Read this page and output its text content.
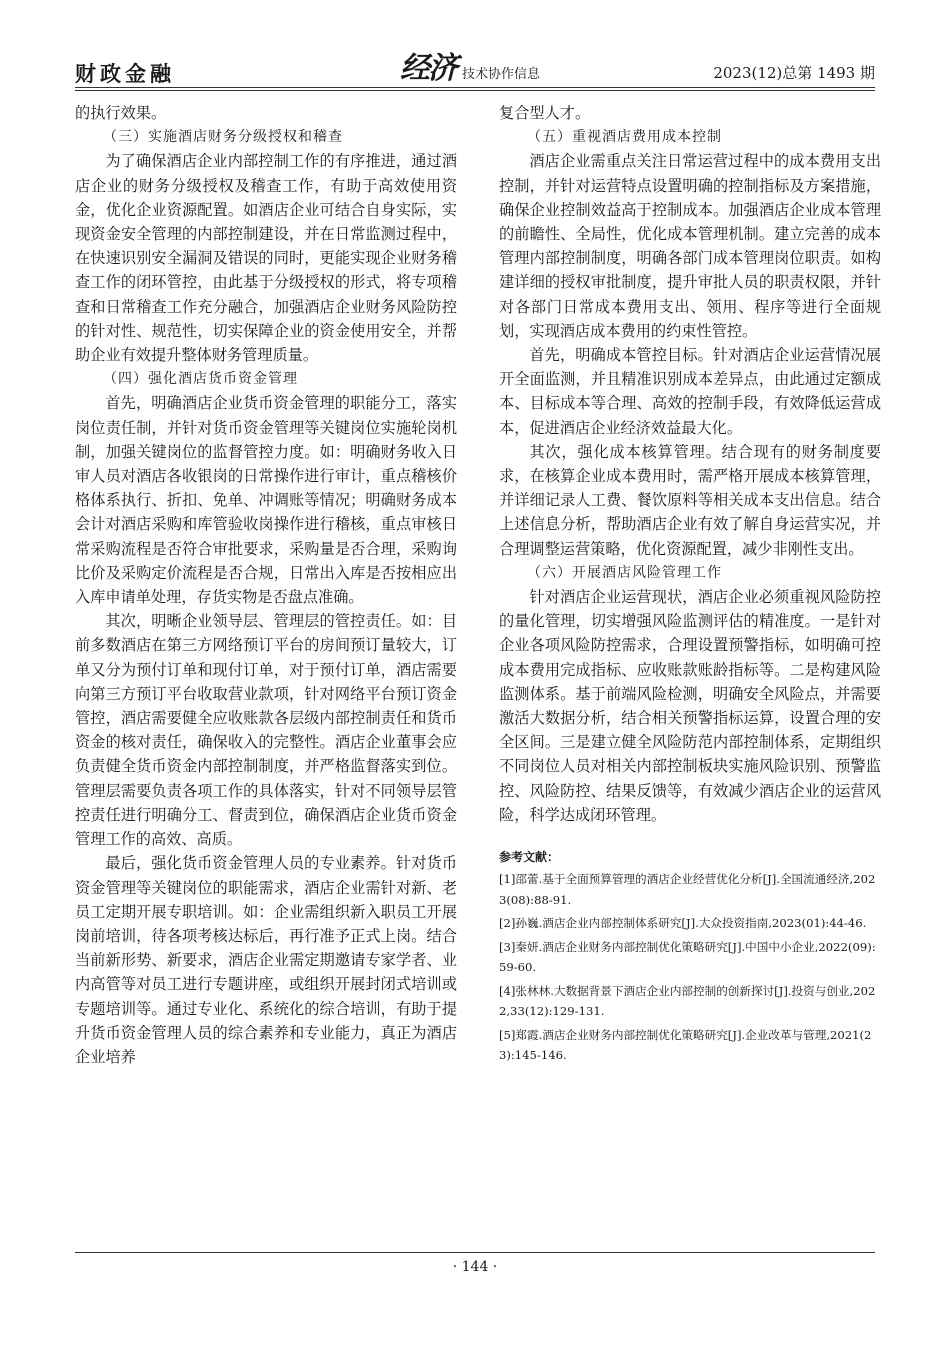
财政金融	经济 技术协作信息	2023(12)总第 1493 期

的执行效果。

（三）实施酒店财务分级授权和稽查

为了确保酒店企业内部控制工作的有序推进，通过酒店企业的财务分级授权及稽查工作，有助于高效使用资金，优化企业资源配置。如酒店企业可结合自身实际，实现资金安全管理的内部控制建设，并在日常监测过程中，在快速识别安全漏洞及错误的同时，更能实现企业财务稽查工作的闭环管控，由此基于分级授权的形式，将专项稽查和日常稽查工作充分融合，加强酒店企业财务风险防控的针对性、规范性，切实保障企业的资金使用安全，并帮助企业有效提升整体财务管理质量。

（四）强化酒店货币资金管理

首先，明确酒店企业货币资金管理的职能分工，落实岗位责任制，并针对货币资金管理等关键岗位实施轮岗机制，加强关键岗位的监督管控力度。如：明确财务收入日审人员对酒店各收银岗的日常操作进行审计，重点稽核价格体系执行、折扣、免单、冲调账等情况；明确财务成本会计对酒店采购和库管验收岗操作进行稽核，重点审核日常采购流程是否符合审批要求，采购量是否合理，采购询比价及采购定价流程是否合规，日常出入库是否按相应出入库申请单处理，存货实物是否盘点准确。

其次，明晰企业领导层、管理层的管控责任。如：目前多数酒店在第三方网络预订平台的房间预订量较大，订单又分为预付订单和现付订单，对于预付订单，酒店需要向第三方预订平台收取营业款项，针对网络平台预订资金管控，酒店需要健全应收账款各层级内部控制责任和货币资金的核对责任，确保收入的完整性。酒店企业董事会应负责健全货币资金内部控制制度，并严格监督落实到位。管理层需要负责各项工作的具体落实，针对不同领导层管控责任进行明确分工、督责到位，确保酒店企业货币资金管理工作的高效、高质。

最后，强化货币资金管理人员的专业素养。针对货币资金管理等关键岗位的职能需求，酒店企业需针对新、老员工定期开展专职培训。如：企业需组织新入职员工开展岗前培训，待各项考核达标后，再行准予正式上岗。结合当前新形势、新要求，酒店企业需定期邀请专家学者、业内高管等对员工进行专题讲座，或组织开展封闭式培训或专题培训等。通过专业化、系统化的综合培训，有助于提升货币资金管理人员的综合素养和专业能力，真正为酒店企业培养

复合型人才。

（五）重视酒店费用成本控制

酒店企业需重点关注日常运营过程中的成本费用支出控制，并针对运营特点设置明确的控制指标及方案措施，确保企业控制效益高于控制成本。加强酒店企业成本管理的前瞻性、全局性，优化成本管理机制。建立完善的成本管理内部控制制度，明确各部门成本管理岗位职责。如构建详细的授权审批制度，提升审批人员的职责权限，并针对各部门日常成本费用支出、领用、程序等进行全面规划，实现酒店成本费用的约束性管控。

首先，明确成本管控目标。针对酒店企业运营情况展开全面监测，并且精准识别成本差异点，由此通过定额成本、目标成本等合理、高效的控制手段，有效降低运营成本，促进酒店企业经济效益最大化。

其次，强化成本核算管理。结合现有的财务制度要求，在核算企业成本费用时，需严格开展成本核算管理，并详细记录人工费、餐饮原料等相关成本支出信息。结合上述信息分析，帮助酒店企业有效了解自身运营实况，并合理调整运营策略，优化资源配置，减少非刚性支出。

（六）开展酒店风险管理工作

针对酒店企业运营现状，酒店企业必须重视风险防控的量化管理，切实增强风险监测评估的精准度。一是针对企业各项风险防控需求，合理设置预警指标，如明确可控成本费用完成指标、应收账款账龄指标等。二是构建风险监测体系。基于前端风险检测，明确安全风险点，并需要激活大数据分析，结合相关预警指标运算，设置合理的安全区间。三是建立健全风险防范内部控制体系，定期组织不同岗位人员对相关内部控制板块实施风险识别、预警监控、风险防控、结果反馈等，有效减少酒店企业的运营风险，科学达成闭环管理。

参考文献：
[1]邵蕾.基于全面预算管理的酒店企业经营优化分析[J].全国流通经济,2023(08):88-91.
[2]孙巍.酒店企业内部控制体系研究[J].大众投资指南,2023(01):44-46.
[3]秦妍.酒店企业财务内部控制优化策略研究[J].中国中小企业,2022(09):59-60.
[4]张林林.大数据背景下酒店企业内部控制的创新探讨[J].投资与创业,2022,33(12):129-131.
[5]郑霞.酒店企业财务内部控制优化策略研究[J].企业改革与管理,2021(23):145-146.
· 144 ·
